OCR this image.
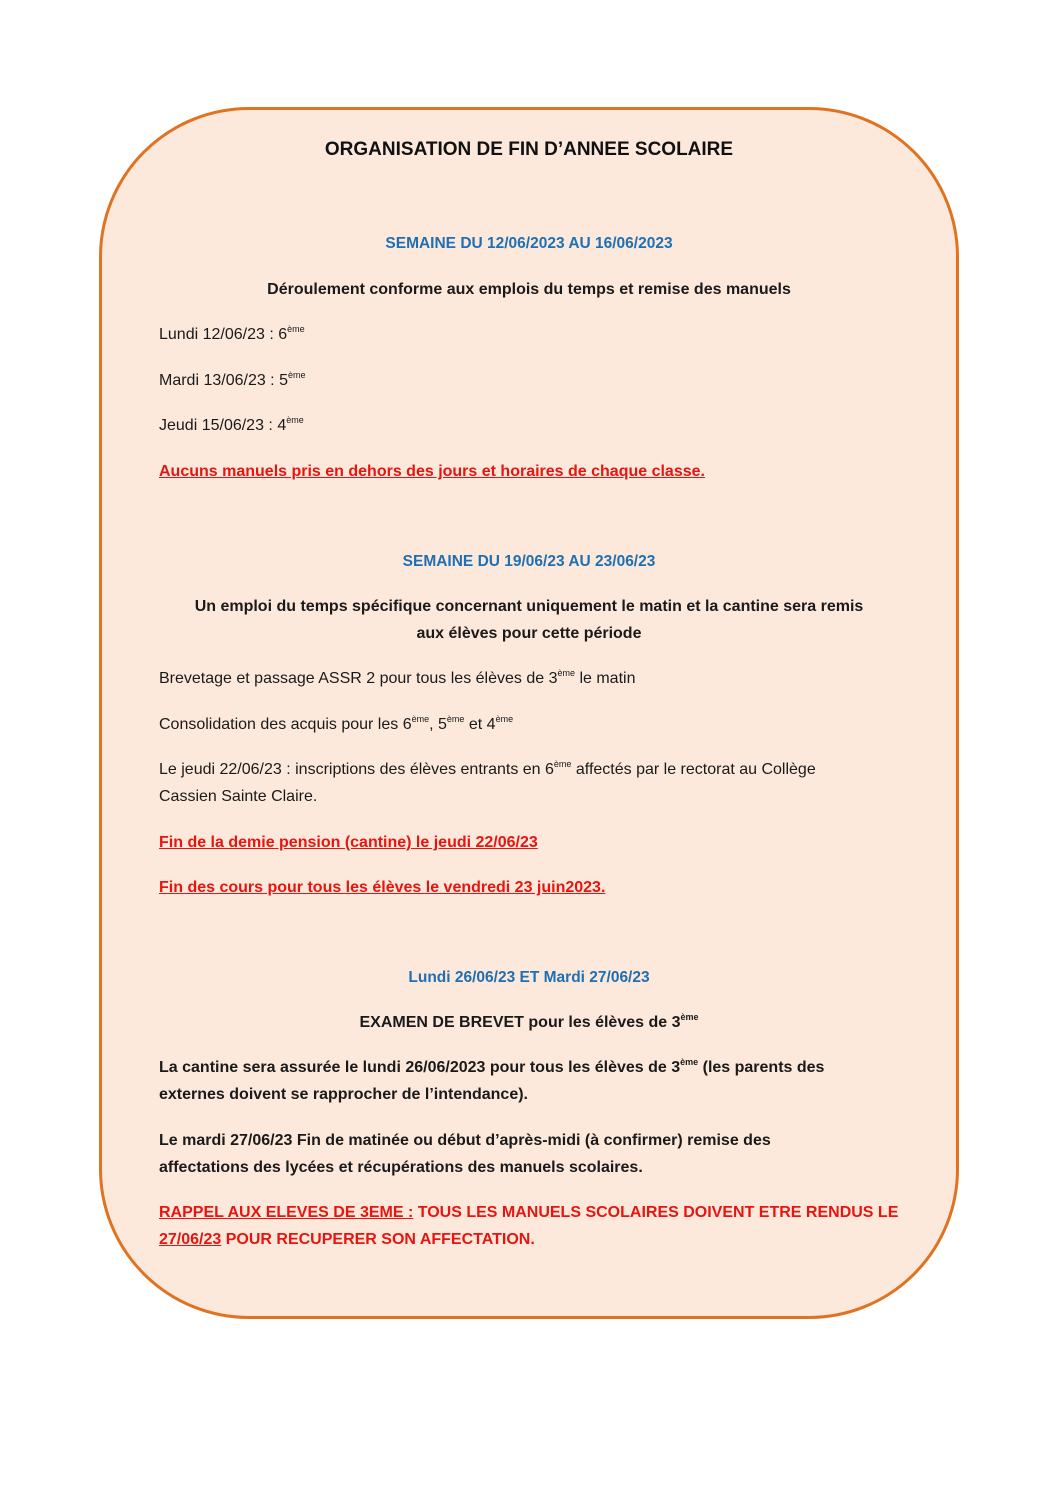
ORGANISATION DE FIN D’ANNEE SCOLAIRE
SEMAINE DU 12/06/2023 AU 16/06/2023
Déroulement conforme aux emplois du temps et remise des manuels
Lundi 12/06/23 : 6ème
Mardi 13/06/23 : 5ème
Jeudi 15/06/23 : 4ème
Aucuns manuels pris en dehors des jours et horaires de chaque classe.
SEMAINE DU 19/06/23 AU 23/06/23
Un emploi du temps spécifique concernant uniquement le matin et la cantine sera remis
aux élèves pour cette période
Brevetage et passage ASSR 2 pour tous les élèves de 3ème le matin
Consolidation des acquis pour les 6ème, 5ème et 4ème
Le jeudi 22/06/23 : inscriptions des élèves entrants en 6ème affectés par le rectorat au Collège
Cassien Sainte Claire.
Fin de la demie pension (cantine) le jeudi 22/06/23
Fin des cours pour tous les élèves le vendredi 23 juin2023.
Lundi 26/06/23 ET Mardi 27/06/23
EXAMEN DE BREVET pour les élèves de 3ème
La cantine sera assurée le lundi 26/06/2023 pour tous les élèves de 3ème (les parents des
externes doivent se rapprocher de l’intendance).
Le mardi 27/06/23 Fin de matinée ou début d’après-midi (à confirmer) remise des
affectations des lycées et récupérations des manuels scolaires.
RAPPEL AUX ELEVES DE 3EME : TOUS LES MANUELS SCOLAIRES DOIVENT ETRE RENDUS LE
27/06/23 POUR RECUPERER SON AFFECTATION.
